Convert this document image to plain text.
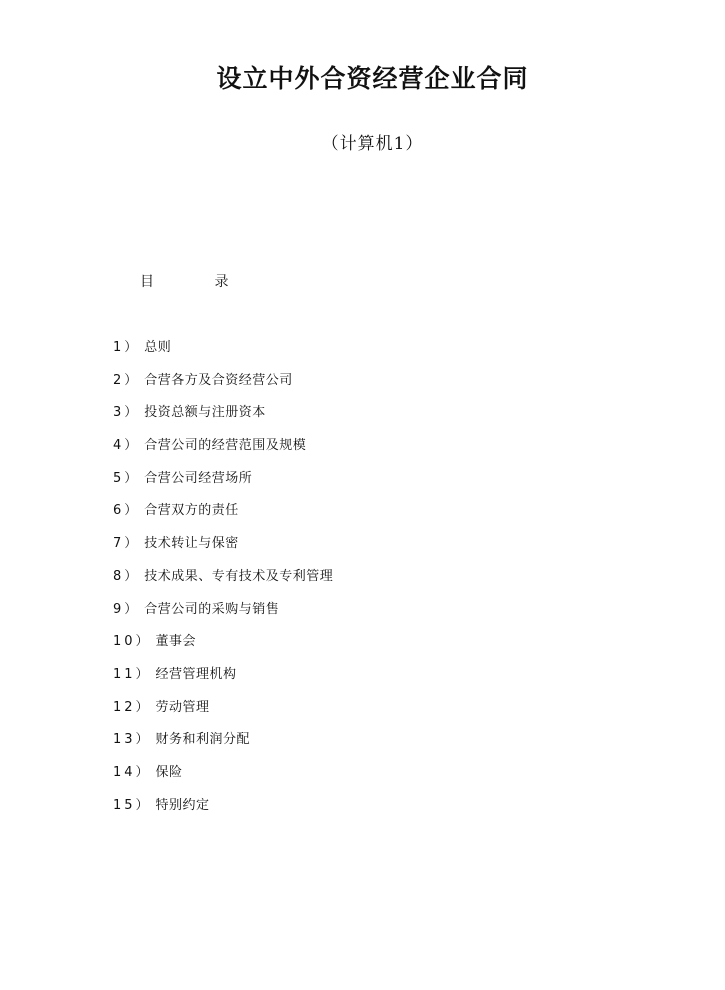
设立中外合资经营企业合同
（计算机1）
目 录
1） 总则
2） 合营各方及合资经营公司
3） 投资总额与注册资本
4） 合营公司的经营范围及规模
5） 合营公司经营场所
6） 合营双方的责任
7） 技术转让与保密
8） 技术成果、专有技术及专利管理
9） 合营公司的采购与销售
10） 董事会
11） 经营管理机构
12） 劳动管理
13） 财务和利润分配
14） 保险
15） 特别约定
